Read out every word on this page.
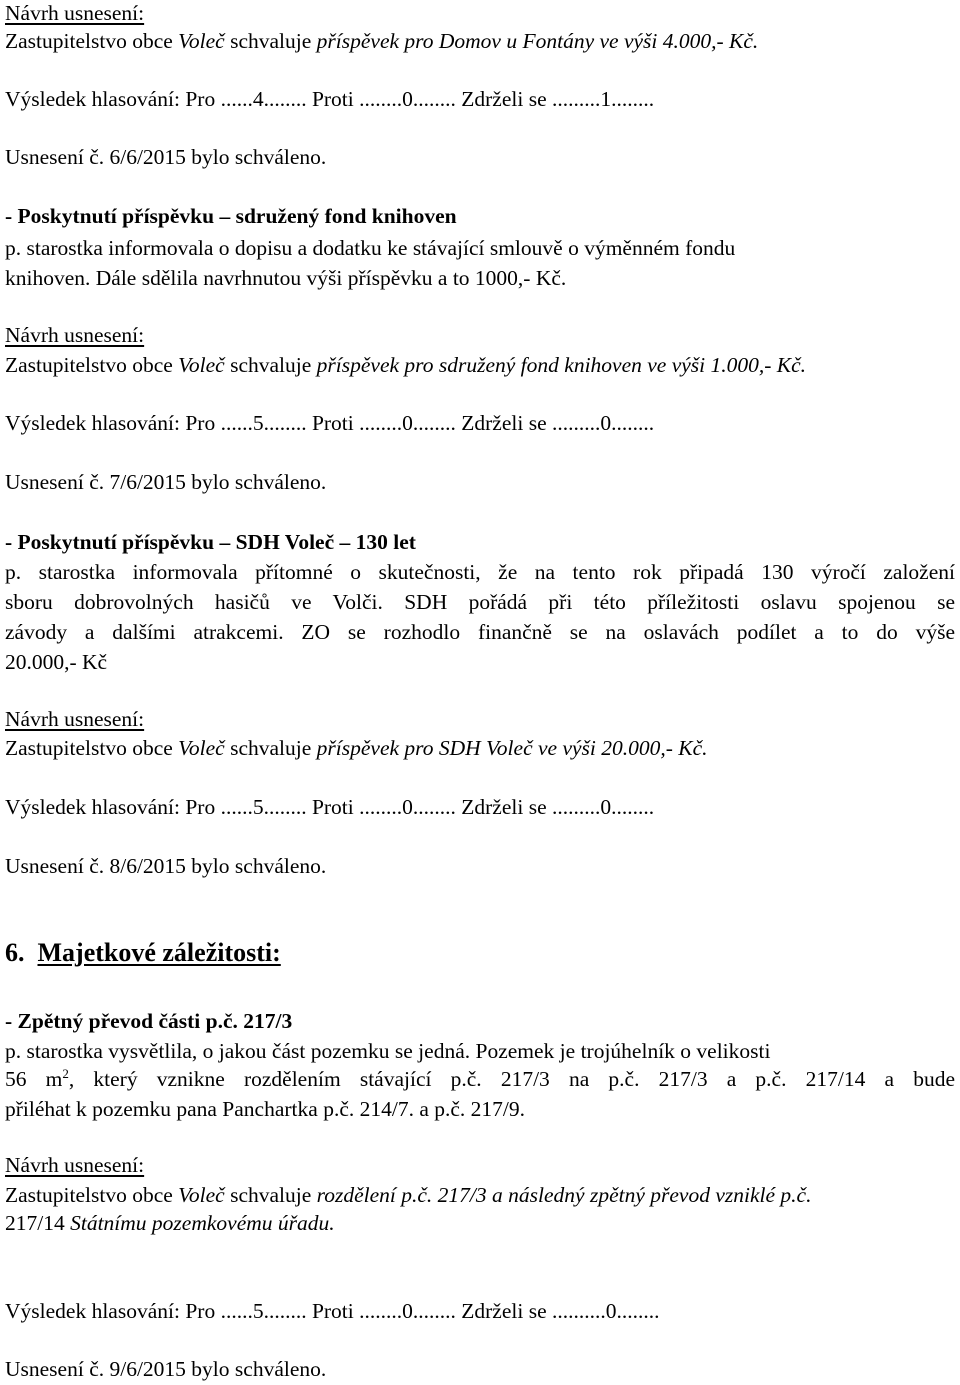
Návrh usnesení:
Zastupitelstvo obce Voleč schvaluje příspěvek pro Domov u Fontány ve výši 4.000,- Kč.
Výsledek hlasování: Pro ......4........ Proti ........0........ Zdrželi se .........1........
Usnesení č. 6/6/2015 bylo schváleno.
- Poskytnutí příspěvku – sdružený fond knihoven
p. starostka informovala o dopisu a dodatku ke stávající smlouvě o výměnném fondu
knihoven. Dále sdělila navrhnutou výši příspěvku a to 1000,- Kč.
Návrh usnesení:
Zastupitelstvo obce Voleč schvaluje příspěvek pro sdružený fond knihoven ve výši 1.000,- Kč.
Výsledek hlasování: Pro ......5........ Proti ........0........ Zdrželi se .........0........
Usnesení č. 7/6/2015 bylo schváleno.
- Poskytnutí příspěvku – SDH Voleč – 130 let
p. starostka informovala přítomné o skutečnosti, že na tento rok připadá 130 výročí založení
sboru dobrovolných hasičů ve Volči. SDH pořádá při této příležitosti oslavu spojenou se
závody a dalšími atrakcemi. ZO se rozhodlo finančně se na oslavách podílet a to do výše
20.000,- Kč
Návrh usnesení:
Zastupitelstvo obce Voleč schvaluje příspěvek pro SDH Voleč ve výši 20.000,- Kč.
Výsledek hlasování: Pro ......5........ Proti ........0........ Zdrželi se .........0........
Usnesení č. 8/6/2015 bylo schváleno.
6. Majetkové záležitosti:
- Zpětný převod části p.č. 217/3
p. starostka vysvětlila, o jakou část pozemku se jedná. Pozemek je trojúhelník o velikosti
56 $m^2$, který vznikne rozdělením stávající p.č. 217/3 na p.č. 217/3 a p.č. 217/14 a bude
přiléhat k pozemku pana Panchartka p.č. 214/7. a p.č. 217/9.
Návrh usnesení:
Zastupitelstvo obce Voleč schvaluje rozdělení p.č. 217/3 a následný zpětný převod vzniklé p.č.
217/14 Státnímu pozemkovému úřadu.
Výsledek hlasování: Pro ......5........ Proti ........0........ Zdrželi se ..........0........
Usnesení č. 9/6/2015 bylo schváleno.
